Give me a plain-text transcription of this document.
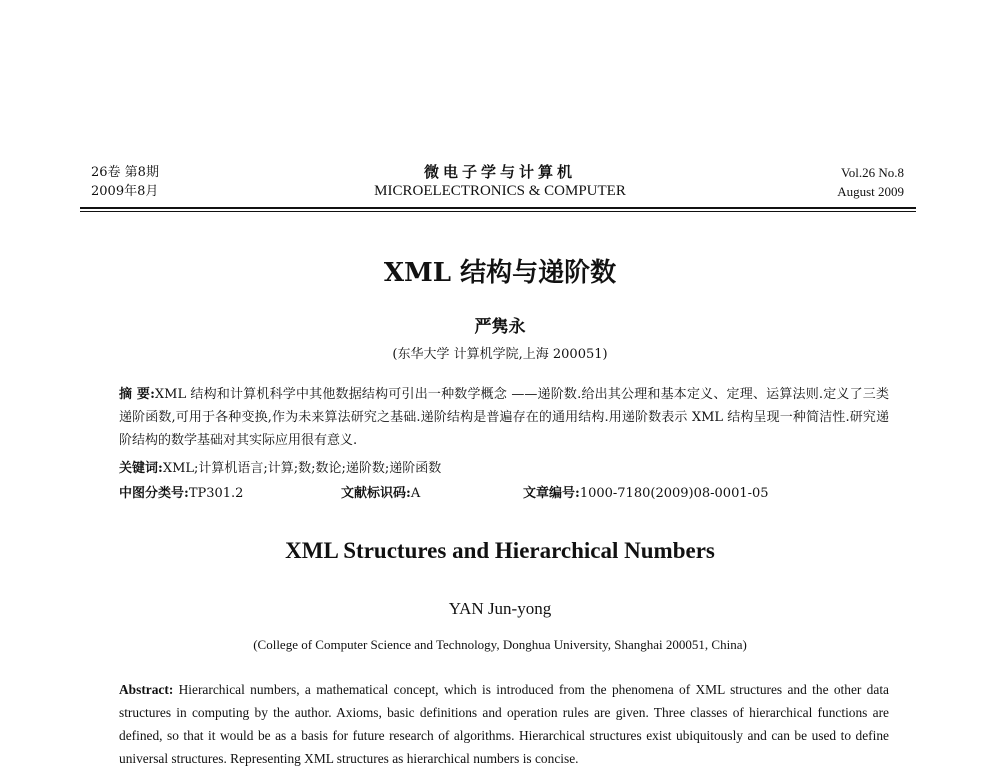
26卷 第8期
2009年8月
微电子学与计算机
MICROELECTRONICS & COMPUTER
Vol.26 No.8
August 2009
XML 结构与递阶数
严隽永
(东华大学 计算机学院,上海 200051)
摘 要:XML 结构和计算机科学中其他数据结构可引出一种数学概念 ——递阶数.给出其公理和基本定义、定理、运算法则.定义了三类递阶函数,可用于各种变换,作为未来算法研究之基础.递阶结构是普遍存在的通用结构.用递阶数表示 XML 结构呈现一种简洁性.研究递阶结构的数学基础对其实际应用很有意义.
关键词:XML;计算机语言;计算;数;数论;递阶数;递阶函数
中图分类号:TP301.2	文献标识码:A	文章编号:1000-7180(2009)08-0001-05
XML Structures and Hierarchical Numbers
YAN Jun-yong
(College of Computer Science and Technology, Donghua University, Shanghai 200051, China)
Abstract: Hierarchical numbers, a mathematical concept, which is introduced from the phenomena of XML structures and the other data structures in computing by the author. Axioms, basic definitions and operation rules are given. Three classes of hierarchical functions are defined, so that it would be as a basis for future research of algorithms. Hierarchical structures exist ubiquitously and can be used to define universal structures. Representing XML structures as hierarchical numbers is concise.
